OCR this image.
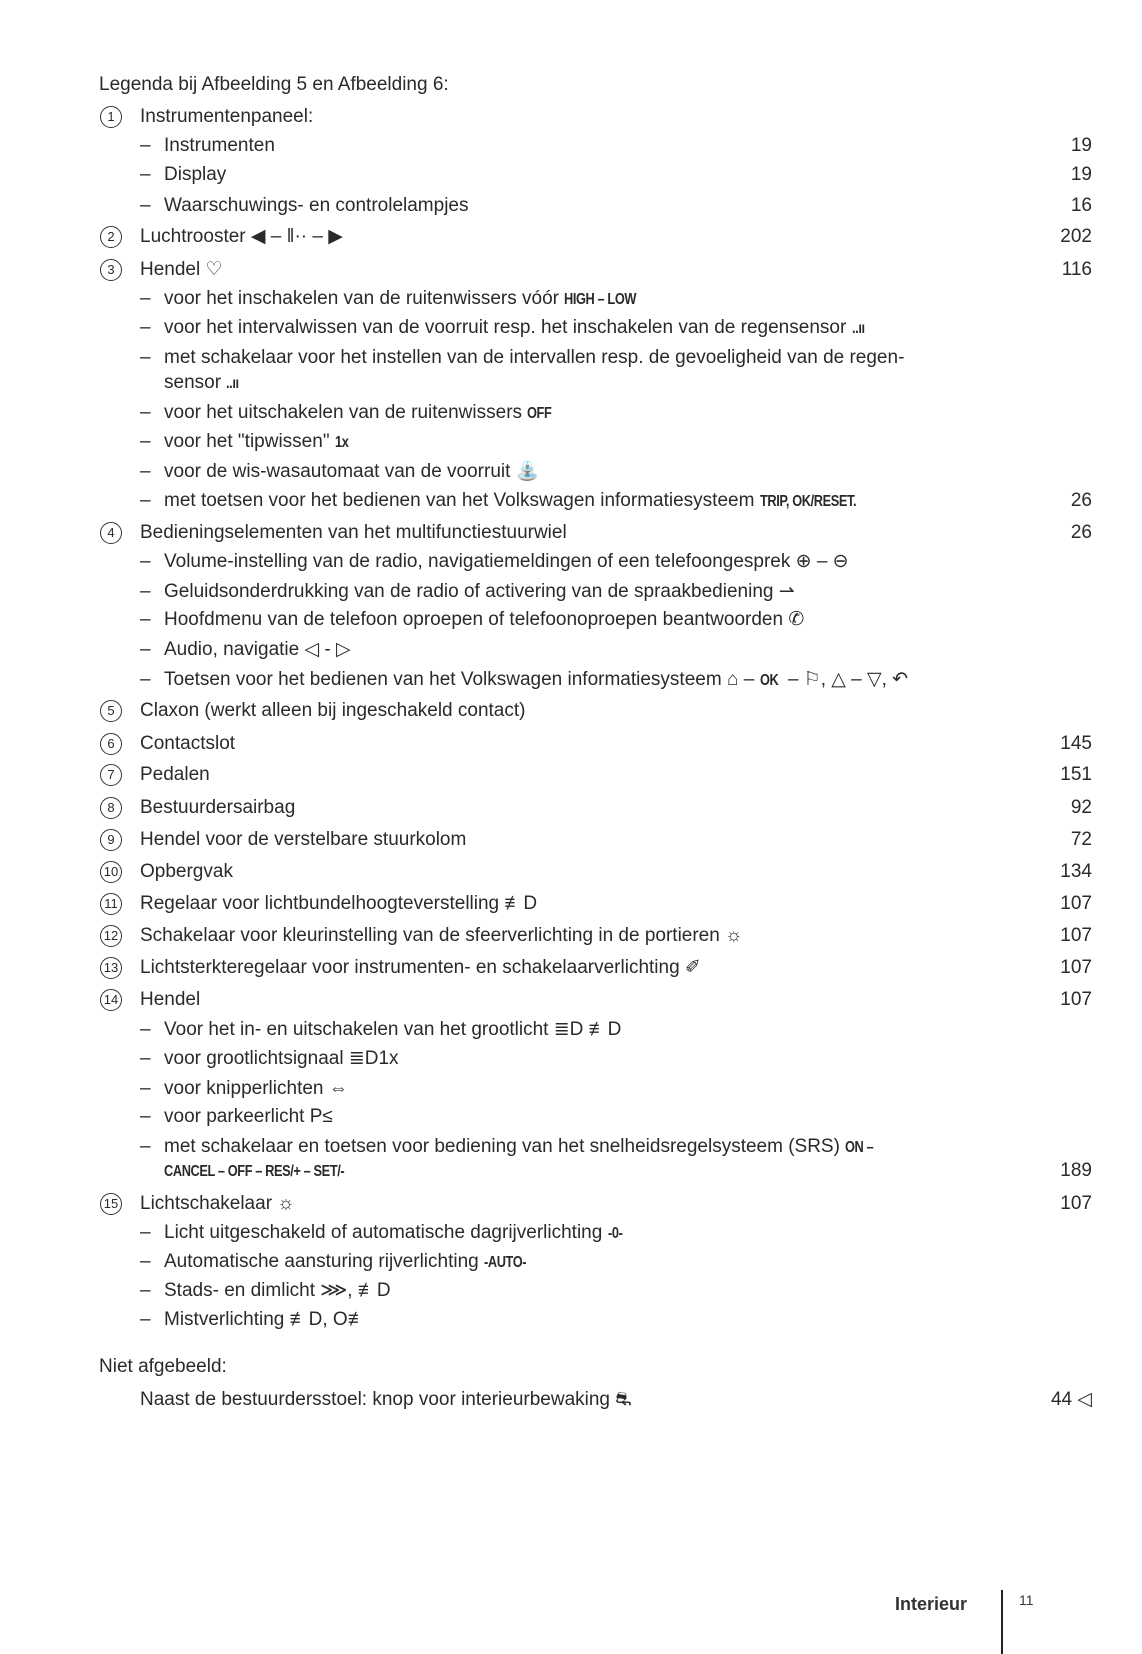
Legenda bij Afbeelding 5 en Afbeelding 6:
1	Instrumentenpaneel:
– Instrumenten	19
– Display	19
– Waarschuwings- en controlelampjes	16
2	Luchtrooster ◀ – ǁ·· – ▶	202
3	Hendel ♡	116
– voor het inschakelen van de ruitenwissers vóór HIGH – LOW
– voor het intervalwissen van de voorruit resp. het inschakelen van de regensensor ..ıı
– met schakelaar voor het instellen van de intervallen resp. de gevoeligheid van de regen-
sensor ..ıı
– voor het uitschakelen van de ruitenwissers OFF
– voor het "tipwissen" 1x
– voor de wis-wasautomaat van de voorruit ⛲
– met toetsen voor het bedienen van het Volkswagen informatiesysteem TRIP, OK/RESET.	26
4	Bedieningselementen van het multifunctiestuurwiel	26
– Volume-instelling van de radio, navigatiemeldingen of een telefoongesprek ⊕ – ⊖
– Geluidsonderdrukking van de radio of activering van de spraakbediening ⇀
– Hoofdmenu van de telefoon oproepen of telefoonoproepen beantwoorden ✆
– Audio, navigatie ◁ - ▷
– Toetsen voor het bedienen van het Volkswagen informatiesysteem ⌂ – OK – ⚐, △ – ▽, ↶
5	Claxon (werkt alleen bij ingeschakeld contact)
6	Contactslot	145
7	Pedalen	151
8	Bestuurdersairbag	92
9	Hendel voor de verstelbare stuurkolom	72
10 Opbergvak	134
11 Regelaar voor lichtbundelhoogteverstelling ≢D	107
12 Schakelaar voor kleurinstelling van de sfeerverlichting in de portieren ☼	107
13 Lichtsterkteregelaar voor instrumenten- en schakelaarverlichting ✐	107
14 Hendel	107
– Voor het in- en uitschakelen van het grootlicht ≣D ≢D
– voor grootlichtsignaal ≣D1x
– voor knipperlichten ⇔
– voor parkeerlicht P≤
– met schakelaar en toetsen voor bediening van het snelheidsregelsysteem (SRS) ON –
CANCEL – OFF – RES/+ – SET/-	189
15 Lichtschakelaar ☼	107
– Licht uitgeschakeld of automatische dagrijverlichting -0-
– Automatische aansturing rijverlichting -AUTO-
– Stads- en dimlicht ⋙, ≢D
– Mistverlichting ≢D, O≢
Niet afgebeeld:
Naast de bestuurdersstoel: knop voor interieurbewaking ⛐	44 ◁
Interieur	11
